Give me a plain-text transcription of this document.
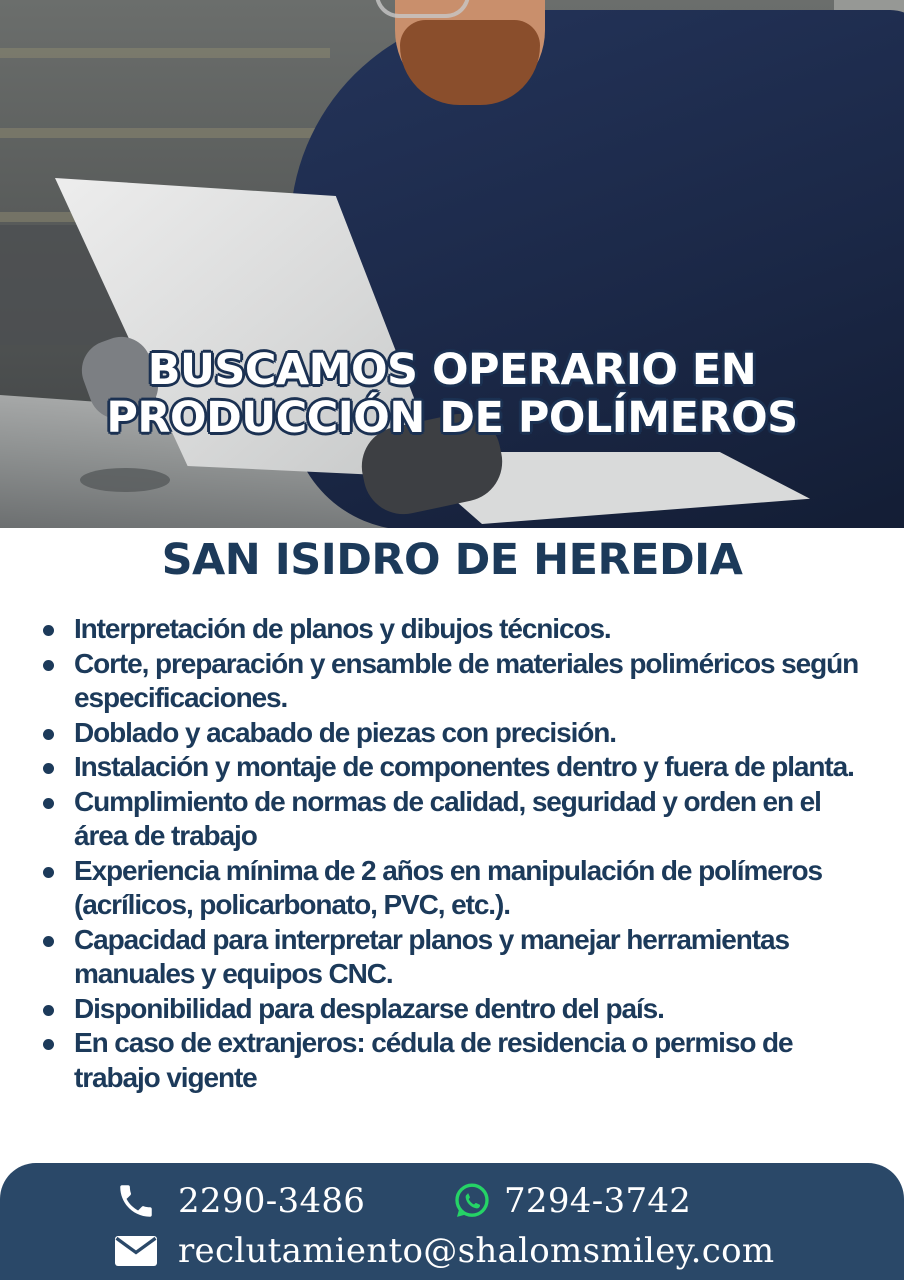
BUSCAMOS OPERARIO EN
PRODUCCIÓN DE POLÍMEROS
SAN ISIDRO DE HEREDIA
Interpretación de planos y dibujos técnicos.
Corte, preparación y ensamble de materiales poliméricos según especificaciones.
Doblado y acabado de piezas con precisión.
Instalación y montaje de componentes dentro y fuera de planta.
Cumplimiento de normas de calidad, seguridad y orden en el área de trabajo
Experiencia mínima de 2 años en manipulación de polímeros (acrílicos, policarbonato, PVC, etc.).
Capacidad para interpretar planos y manejar herramientas manuales y equipos CNC.
Disponibilidad para desplazarse dentro del país.
En caso de extranjeros: cédula de residencia o permiso de trabajo vigente
2290-3486	7294-3742
reclutamiento@shalomsmiley.com
